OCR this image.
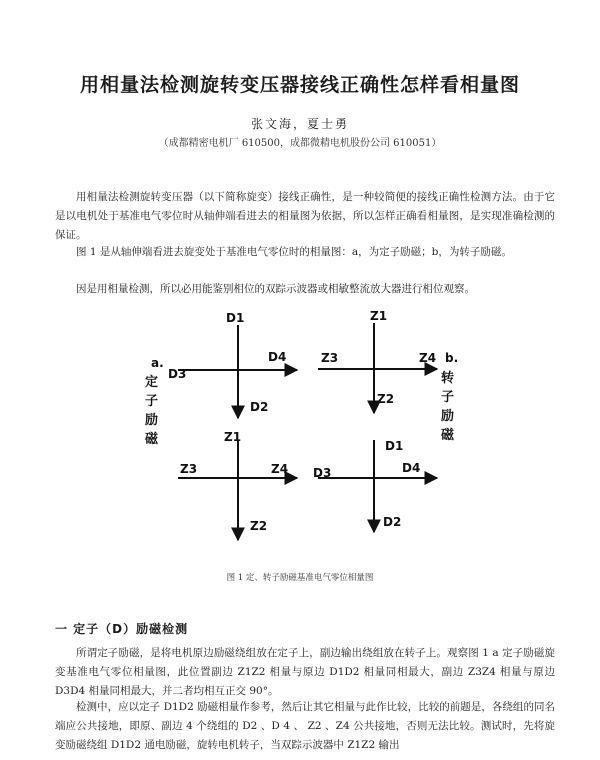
用相量法检测旋转变压器接线正确性怎样看相量图
张文海，夏士勇
（成都精密电机厂 610500，成都微精电机股份公司 610051）

用相量法检测旋转变压器（以下简称旋变）接线正确性，是一种较简便的接线正确性检测方法。由于它是以电机处于基准电气零位时从轴伸端看进去的相量图为依据，所以怎样正确看相量图，是实现准确检测的保证。

图 1 是从轴伸端看进去旋变处于基准电气零位时的相量图：a，为定子励磁；b，为转子励磁。

因是用相量检测，所以必用能鉴别相位的双踪示波器或相敏整流放大器进行相位观察。

D1
D2
D3
D4
Z1
Z2
Z3	Z4
Z1
Z2
Z3	Z4
D1
D2
D3	D4
a.
定
子
励
磁
b.
转
子
励
磁
图 1 定、转子励磁基准电气零位相量图
一 定子（D）励磁检测

所谓定子励磁，是将电机原边励磁绕组放在定子上，副边输出绕组放在转子上。观察图 1 a 定子励磁旋变基准电气零位相量图，此位置副边 Z1Z2 相量与原边 D1D2 相量同相最大，副边 Z3Z4 相量与原边 D3D4 相量同相最大，并二者均相互正交 90°。

检测中，应以定子 D1D2 励磁相量作参考，然后让其它相量与此作比较，比较的前题是，各绕组的同名端应公共接地，即原、副边 4 个绕组的 D2 、D 4 、 Z2 、Z4 公共接地，否则无法比较。测试时，先将旋变励磁绕组 D1D2 通电励磁，旋转电机转子，当双踪示波器中 Z1Z2 输出
